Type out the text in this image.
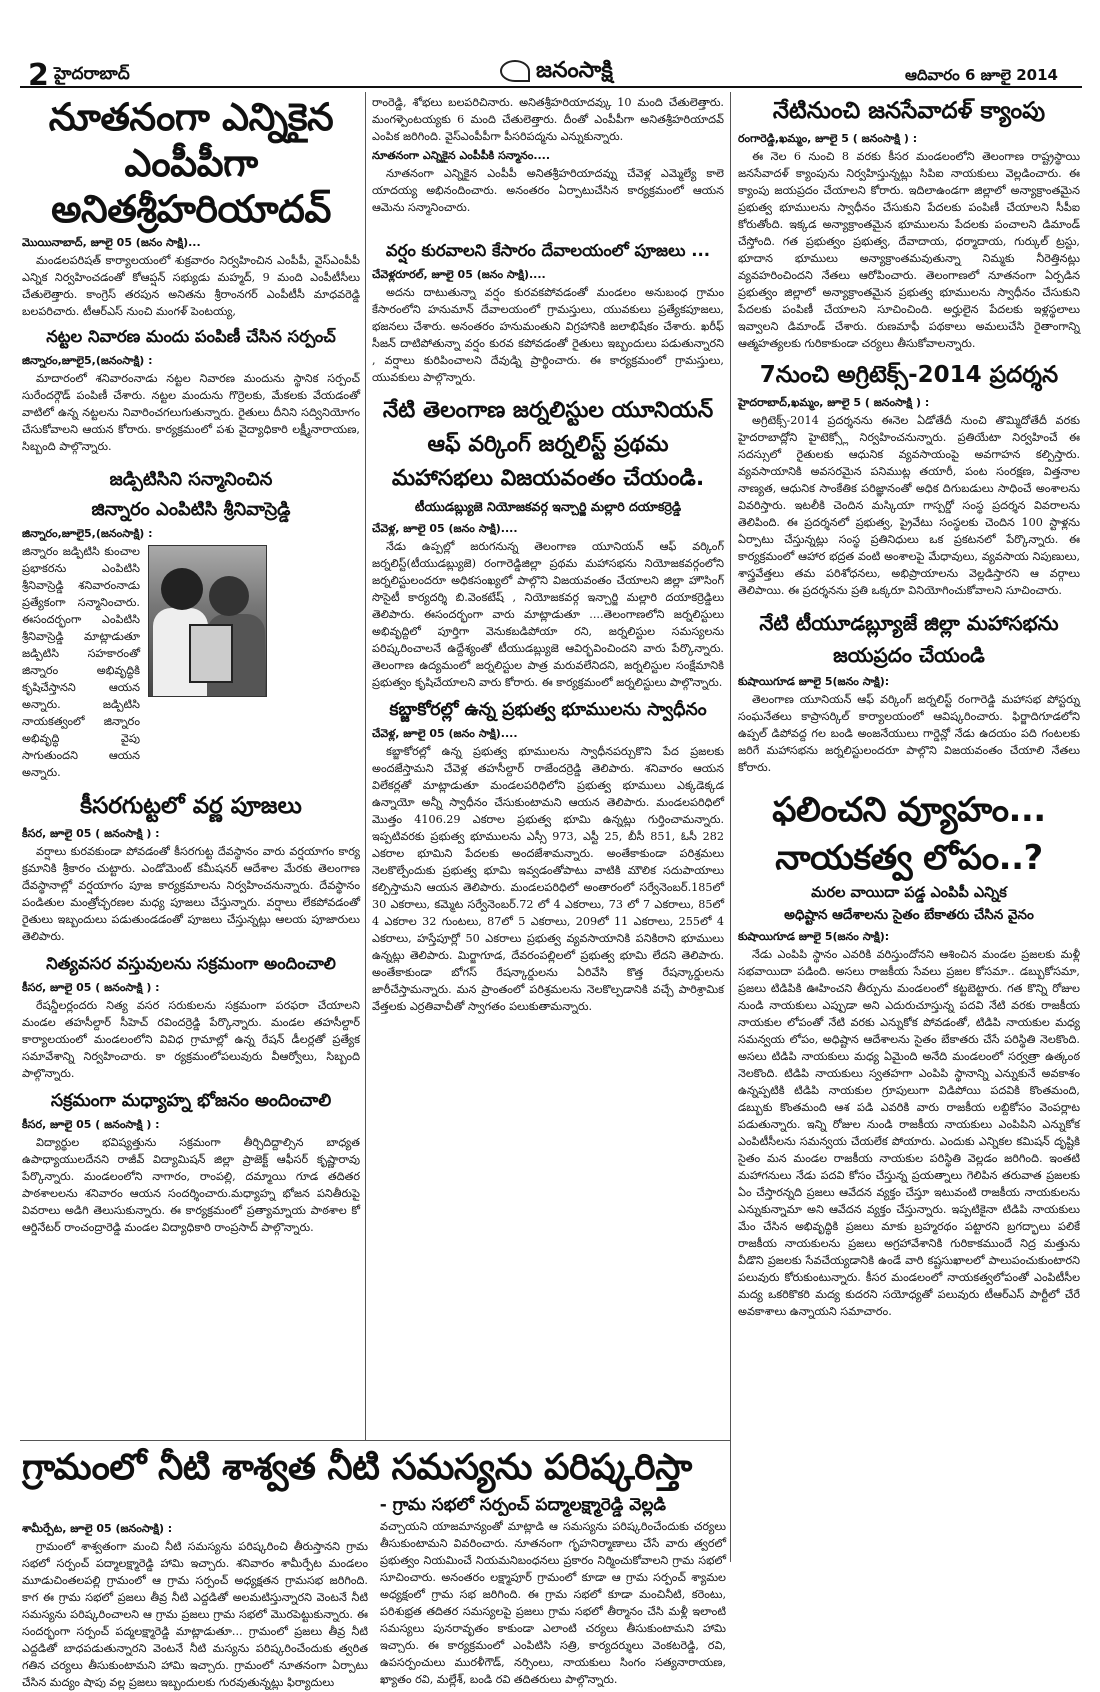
2 హైదరాబాద్	జనంసాక్షి	ఆదివారం 6 జూలై 2014
నూతనంగా ఎన్నికైన ఎంపీపీగా
అనితశ్రీహరియాదవ్
మొయినాబాద్, జూలై 05 (జనం సాక్షి)...

మండలపరిషత్ కార్యాలయంలో శుక్రవారం నిర్వహించిన ఎంపీపీ, వైస్ఎంపీపీ ఎన్నిక నిర్వహించడంతో కోఆప్షన్ సభ్యుడు మహ్మద్, 9 మంది ఎంపీటీసీలు చేతులెత్తారు. కాంగ్రెస్ తరపున అనితను శ్రీరాంనగర్ ఎంపీటీసీ మాధవరెడ్డి బలపరిచారు. టీఆర్ఎస్ నుంచి మంగళ్ పెంటయ్య,

నట్టల నివారణ మందు పంపిణీ చేసిన సర్పంచ్
జిన్నారం,జూలై5,(జనంసాక్షి) :

మాదారంలో శనివారంనాడు నట్టల నివారణ మందును స్థానిక సర్పంచ్ సురేందర్గౌడ్ పంపిణీ చేశారు. నట్టల మందును గొర్రెలకు, మేకలకు వేయడంతో వాటిలో ఉన్న నట్టలను నివారించగలుగుతున్నారు. రైతులు దీనిని సద్వినియోగం చేసుకోవాలని ఆయన కోరారు. కార్యక్రమంలో పశు వైద్యాధికారి లక్ష్మీనారాయణ, సిబ్బంది పాల్గొన్నారు.

జడ్పిటిసిని సన్మానించిన
జిన్నారం ఎంపిటిసి శ్రీనివాస్రెడ్డి
జిన్నారం,జూలై5,(జనంసాక్షి) :

జిన్నారం జడ్పిటిసి కుంచాల ప్రభాకరను ఎంపిటిసి శ్రీనివాస్రెడ్డి శనివారంనాడు ప్రత్యేకంగా సన్మానించారు. ఈసందర్భంగా ఎంపిటిసి శ్రీనివాస్రెడ్డి మాట్లాడుతూ జడ్పిటిసి సహకారంతో జిన్నారం అభివృద్ధికి కృషిచేస్తానని ఆయన అన్నారు. జడ్పిటిసి నాయకత్వంలో జిన్నారం అభివృద్ధి వైపు సాగుతుందని ఆయన అన్నారు.

కీసరగుట్టలో వర్ణ పూజలు
కీసర, జూలై 05 ( జనంసాక్షి ) :

వర్షాలు కురవకుండా పోవడంతో కీసరగుట్ట దేవస్థానం వారు వర్షయాగం కార్య క్రమానికి శ్రీకారం చుట్టారు. ఎండోమెంట్ కమీషనర్ ఆదేశాల మేరకు తెలంగాణ దేవస్థానాల్లో వర్షయాగం పూజ కార్యక్రమాలను నిర్వహించనున్నారు. దేవస్థానం పండితుల మంత్రోచ్ఛరణల మధ్య పూజలు చేస్తున్నారు. వర్షాలు లేకపోవడంతో రైతులు ఇబ్బందులు పడుతుండడంతో పూజలు చేస్తున్నట్లు ఆలయ పూజారులు తెలిపారు.

నిత్యవసర వస్తువులను సక్రమంగా అందించాలి
కీసర, జూలై 05 ( జనంసాక్షి ) :

రేషన్డీలర్లందరు నిత్య వసర సరుకులను సక్రమంగా పరఫరా చేయాలని మండల తహసీల్దార్ సీహెచ్ రవిందర్రెడ్డి పేర్కొన్నారు. మండల తహసీల్దార్ కార్యాలయంలో మండలంలోని వివిధ గ్రామాల్లో ఉన్న రేషన్ డీలర్లతో ప్రత్యేక సమావేశాన్ని నిర్వహించారు. కా ర్యక్రమంలోపలువురు వీఆర్వోలు, సిబ్బంది పాల్గొన్నారు.

సక్రమంగా మధ్యాహ్న భోజనం అందించాలి
కీసర, జూలై 05 ( జనంసాక్షి ) :

విద్యార్థుల భవిష్యత్తును సక్రమంగా తీర్చిదిద్దాల్సిన బాధ్యత ఉపాధ్యాయులదేనని రాజీవ్ విద్యామిషన్ జిల్లా ప్రాజెక్ట్ ఆఫీసర్ కృష్ణారావు పేర్కొన్నారు. మండలంలోని నాగారం, రాంపల్లి, దమ్మాయి గూడ తదితర పాఠశాలలను శనివారం ఆయన సందర్శించారు.మధ్యాహ్న భోజన పనితీరుపై వివరాలు అడిగి తెలుసుకున్నారు. ఈ కార్యక్రమంలో ప్రత్యామ్నాయ పాఠశాల కో ఆర్డినేటర్ రాంచంద్రారెడ్డి మండల విద్యాధికారి రాంప్రసాద్ పాల్గొన్నారు.

రాంరెడ్డి, శోభలు బలపరిచినారు. అనితశ్రీహరియాదవ్కు 10 మంది చేతులెత్తారు. మంగళ్పెంటయ్యకు 6 మంది చేతులెత్తారు. దీంతో ఎంపీపీగా అనితశ్రీహరియాదవ్ ఎంపిక జరిగింది. వైస్ఎంపీపీగా పీసరిపద్మను ఎన్నుకున్నారు.

నూతనంగా ఎన్నికైన ఎంపీపీకి సన్మానం....

నూతనంగా ఎన్నికైన ఎంపీపీ అనితశ్రీహరియాదవ్ను చేవెళ్ల ఎమ్మెల్యే కాలె యాదయ్య అభినందించారు. అనంతరం ఏర్పాటుచేసిన కార్యక్రమంలో ఆయన ఆమెను సన్మానించారు.

వర్షం కురవాలని కేసారం దేవాలయంలో పూజలు ...
చేవెళ్లరూరల్, జూలై 05 (జనం సాక్షి)....

అదను దాటుతున్నా వర్షం కురవకపోవడంతో మండలం అనుబంధ గ్రామం కేసారంలోని హనుమాన్ దేవాలయంలో గ్రామస్తులు, యువకులు ప్రత్యేకపూజలు, భజనలు చేశారు. అనంతరం హనుమంతుని విగ్రహానికి జలాభిషేకం చేశారు. ఖరీఫ్ సీజన్ దాటిపోతున్నా వర్షం కురవ కపోవడంతో రైతులు ఇబ్బందులు పడుతున్నారని , వర్షాలు కురిపించాలని దేవుడ్ని ప్రార్థించారు. ఈ కార్యక్రమంలో గ్రామస్తులు, యువకులు పాల్గొన్నారు.

నేటి తెలంగాణ జర్నలిస్టుల యూనియన్
ఆఫ్ వర్కింగ్ జర్నలిస్ట్ ప్రథమ
మహాసభలు విజయవంతం చేయండి.
టీయుడబ్ల్యుజె నియోజకవర్గ ఇన్చార్జి మల్లారి దయాకర్రెడ్డి
చేవెళ్ల, జూలై 05 (జనం సాక్షి)....

నేడు ఉప్పల్లో జరుగనున్న తెలంగాణ యూనియన్ ఆఫ్ వర్కింగ్ జర్నలిస్ట్(టీయుడబ్ల్యుజె) రంగారెడ్డిజిల్లా ప్రథమ మహాసభను నియోజకవర్గంలోని జర్నలిస్టులందరూ అధికసంఖ్యలో పాల్గొని విజయవంతం చేయాలని జిల్లా హౌసింగ్ సొసైటీ కార్యదర్శి బి.వెంకటేష్ , నియోజకవర్గ ఇన్చార్జి మల్లారి దయాకర్రెడ్డిలు తెలిపారు. ఈసందర్భంగా వారు మాట్లాడుతూ ....తెలంగాణలోని జర్నలిస్టులు అభివృద్దిలో పూర్తిగా వెనుకబడిపోయా రని, జర్నలిస్టుల సమస్యలను పరిష్కరించాలనే ఉద్దేశ్యంతో టీయుడబ్ల్యుజె ఆవిర్భవించిందని వారు పేర్కొన్నారు. తెలంగాణ ఉద్యమంలో జర్నలిస్టుల పాత్ర మరువలేనిదని, జర్నలిస్టుల సంక్షేమానికి ప్రభుత్వం కృషిచేయాలని వారు కోరారు. ఈ కార్యక్రమంలో జర్నలిస్టులు పాల్గొన్నారు.

కబ్జాకోరల్లో ఉన్న ప్రభుత్వ భూములను స్వాధీనం
చేవెళ్ల, జూలై 05 (జనం సాక్షి)....

కబ్జాకోరల్లో ఉన్న ప్రభుత్వ భూములను స్వాధీనపర్చుకొని పేద ప్రజలకు అందజేస్తామని చేవెళ్ల తహసీల్దార్ రాజేందర్రెడ్డి తెలిపారు. శనివారం ఆయన విలేకర్లతో మాట్లాడుతూ మండలపరిధిలోని ప్రభుత్వ భూములు ఎక్కడెక్కడ ఉన్నాయో అన్నీ స్వాధీనం చేసుకుంటామని ఆయన తెలిపారు. మండలపరిధిలో మొత్తం 4106.29 ఎకరాల ప్రభుత్వ భూమి ఉన్నట్లు గుర్తించామన్నారు. ఇప్పటివరకు ప్రభుత్వ భూములను ఎస్సీ 973, ఎస్టీ 25, బీసీ 851, ఓసీ 282 ఎకరాల భూమిని పేదలకు అందజేశామన్నారు. అంతేకాకుండా పరిశ్రమలు నెలకొల్పేందుకు ప్రభుత్వ భూమి ఇవ్వడంతోపాటు వాటికి మౌలిక సదుపాయాలు కల్పిస్తామని ఆయన తెలిపారు. మండలపరిధిలో అంతారంలో సర్వేనెంబర్.185లో 30 ఎకరాలు, కమ్మెట సర్వేనెంబర్.72 లో 4 ఎకరాలు, 73 లో 7 ఎకరాలు, 85లో 4 ఎకరాల 32 గుంటలు, 87లో 5 ఎకరాలు, 209లో 11 ఎకరాలు, 255లో 4 ఎకరాలు, హస్తేపూర్లో 50 ఎకరాలు ప్రభుత్వ వ్యవసాయానికి పనికిరాని భూములు ఉన్నట్లు తెలిపారు. మిర్జాగూడ, దేవరంపల్లిలలో ప్రభుత్వ భూమి లేదని తెలిపారు. అంతేకాకుండా బోగస్ రేషన్కార్డులను ఏరివేసి కొత్త రేషన్కార్డులను జారీచేస్తామన్నారు. మన ప్రాంతంలో పరిశ్రమలను నెలకొల్పడానికి వచ్చే పారిశ్రామిక వేత్తలకు ఎర్రతివాచీతో స్వాగతం పలుకుతామన్నారు.

నేటినుంచి జనసేవాదళ్ క్యాంపు
రంగారెడ్డి,ఖమ్మం, జూలై 5 ( జనంసాక్షి ) :

ఈ నెల 6 నుంచి 8 వరకు కీసర మండలంలోని తెలంగాణ రాష్ట్రస్థాయి జనసేవాదళ్ క్యాంపును నిర్వహిస్తున్నట్లు సిపిఐ నాయకులు వెల్లడించారు. ఈ క్యాంపు జయప్రదం చేయాలని కోరారు. ఇదిలాఉండగా జిల్లాలో అన్యాక్రాంతమైన ప్రభుత్వ భూములను స్వాధీనం చేసుకుని పేదలకు పంపిణీ చేయాలని సీపీఐ కోరుతోంది. ఇక్కడ అన్యాక్రాంతమైన భూములను పేదలకు పంచాలని డిమాండ్ చేస్తోంది. గత ప్రభుత్వం ప్రభుత్వ, దేవాదాయ, ధర్మాదాయ, గుర్కుల్ ట్రస్టు, భూదాన భూములు అన్యాక్రాంతమవుతున్నా నిమ్మకు నీరెత్తినట్లు వ్యవహరించిందని నేతలు ఆరోపించారు. తెలంగాణలో నూతనంగా ఏర్పడిన ప్రభుత్వం జిల్లాలో అన్యాక్రాంతమైన ప్రభుత్వ భూములను స్వాధీనం చేసుకుని పేదలకు పంపిణీ చేయాలని సూచించింది. అర్హులైన పేదలకు ఇళ్లస్థలాలు ఇవ్వాలని డిమాండ్ చేశారు. రుణమాఫీ పథకాలు అమలుచేసి రైతాంగాన్ని ఆత్మహత్యలకు గురికాకుండా చర్యలు తీసుకోవాలన్నారు.

7నుంచి అగ్రిటెక్స్-2014 ప్రదర్శన
హైదరాబాద్,ఖమ్మం, జూలై 5 ( జనంసాక్షి ) :

అగ్రిటెక్స్-2014 ప్రదర్శనను ఈనెల ఏడోతేదీ నుంచి తొమ్మిదోతేదీ వరకు హైదరాబాద్లోని హైటెక్స్లో నిర్వహించనున్నారు. ప్రతియేటా నిర్వహించే ఈ సదస్సులో రైతులకు ఆధునిక వ్యవసాయంపై అవగాహన కల్పిస్తారు. వ్యవసాయానికి అవసరమైన పనిముట్ల తయారీ, పంట సంరక్షణ, విత్తనాల నాణ్యత, ఆధునిక సాంకేతిక పరిజ్ఞానంతో అధిక దిగుబడులు సాధించే అంశాలను వివరిస్తారు. ఇటలీకి చెందిన మస్కియా గాస్పర్డో సంస్థ ప్రదర్శన వివరాలను తెలిపింది. ఈ ప్రదర్శనలో ప్రభుత్వ, ప్రైవేటు సంస్థలకు చెందిన 100 స్టాళ్లను ఏర్పాటు చేస్తున్నట్లు సంస్థ ప్రతినిధులు ఒక ప్రకటనలో పేర్కొన్నారు. ఈ కార్యక్రమంలో ఆహార భద్రత వంటి అంశాలపై మేధావులు, వ్యవసాయ నిపుణులు, శాస్త్రవేత్తలు తమ పరిశోధనలు, అభిప్రాయాలను వెల్లడిస్తారని ఆ వర్గాలు తెలిపాయి. ఈ ప్రదర్శనను ప్రతి ఒక్కరూ వినియోగించుకోవాలని సూచించారు.

నేటి టీయూడబ్ల్యూజే జిల్లా మహాసభను
జయప్రదం చేయండి
కుషాయిగూడ జూలై 5(జనం సాక్షి):

తెలంగాణ యూనియన్ ఆఫ్ వర్కింగ్ జర్నలిస్ట్ రంగారెడ్డి మహాసభ పోస్టర్ను సంఘనేతలు కాప్రాసర్కిల్ కార్యాలయంలో ఆవిష్కరించారు. ఫిర్జాదిగూడలోని ఉప్పల్ డిపోవద్ద గల బండి అంజనేయులు గార్డెన్లో నేడు ఉదయం పది గంటలకు జరిగే మహాసభను జర్నలిస్టులందరూ పాల్గొని విజయవంతం చేయాలి నేతలు కోరారు.

ఫలించని వ్యూహం...
నాయకత్వ లోపం..?
మరల వాయిదా పడ్డ ఎంపిపీ ఎన్నిక
అధిష్టాన ఆదేశాలను సైతం బేకాతరు చేసిన వైనం
కుషాయిగూడ జూలై 5(జనం సాక్షి):

నేడు ఎంపిపి స్థానం ఎవరికి వరిస్తుందోనని ఆశించిన మండల ప్రజలకు మళ్లీ సభవాయిదా పడింది. అసలు రాజకీయ సేవలు ప్రజల కోసమా.. డబ్బుకోసమా, ప్రజలు టిడిపికి ఊహించని తీర్పును మండలంలో కట్టబెట్టారు. గత కొన్ని రోజుల నుండి నాయకులు ఎప్పుడా అని ఎదురుచూస్తున్న పదవి నేటి వరకు రాజకీయ నాయకుల లోపంతో నేటి వరకు ఎన్నుకోక పోవడంతో, టిడిపి నాయకుల మధ్య సమన్వయ లోపం, అధిష్టాన ఆదేశాలను సైతం బేకాతరు చేసే పరిస్థితి నెలకొంది. అసలు టిడిపి నాయకులు మధ్య ఏమైంది అనేది మండలంలో సర్వత్రా ఉత్కంఠ నెలకొంది. టిడిపి నాయకులు స్వతహగా ఎంపిపి స్థానాన్ని ఎన్నుకునే అవకాశం ఉన్నప్పటికి టిడిపి నాయకుల గ్రూపులుగా విడిపోయి పదవికి కొంతమంది, డబ్బుకు కొంతమంది ఆశ పడి ఎవరికి వారు రాజకీయ లబ్దికోసం వెంపర్లాట పడుతున్నారు. ఇన్ని రోజుల నుండి రాజకీయ నాయకులు ఎంపిపిని ఎన్నుకోక ఎంపిటీసీలను సమన్వయ చేయలేక పోయారు. ఎందుకు ఎన్నికల కమిషన్ దృష్టికి సైతం మన మండల రాజకీయ నాయకుల పరిస్థితి వెల్లడం జరిగింది. ఇంతటి మహాగనులు నేడు పదవి కోసం చేస్తున్న ప్రయత్నాలు గెలిపిన తరువాత ప్రజలకు ఏం చేస్తారన్నది ప్రజలు ఆవేదన వ్యక్తం చేస్తూ ఇటువంటి రాజకీయ నాయకులను ఎన్నుకున్నామా అని ఆవేదన వ్యక్తం చేస్తున్నారు. ఇప్పటికైనా టిడిపి నాయకులు మేం చేసిన అభివృద్ధికి ప్రజలు మాకు బ్రహ్మరథం పట్టారని బ్రగద్భాలు పలికే రాజకీయ నాయకులను ప్రజలు అగ్రహావేశానికి గురికాకముందే నిద్ర మత్తును వీడొని ప్రజలకు సేవచేయ్యడానికి ఉండే వారి కష్టసుఖాలలో పాలుపంచుకుంటారని పలువురు కోరుకుంటున్నారు. కీసర మండలంలో నాయకత్వలోపంతో ఎంపిటీసీల మద్య ఒకరికొకరి మద్య కుదరని సయోధ్యతో పలువురు టీఆర్ఎస్ పార్టీలో చేరే అవకాశాలు ఉన్నాయని సమాచారం.

గ్రామంలో నీటి శాశ్వత నీటి సమస్యను పరిష్కరిస్తా
- గ్రామ సభలో సర్పంచ్ పద్మాలక్ష్మారెడ్డి వెల్లడి
శామీర్పేట, జూలై 05 (జనంసాక్షి) :

గ్రామంలో శాశ్వతంగా మంచి నీటి సమస్యను పరిష్కరించి తీరుస్తానని గ్రామ సభలో సర్పంచ్ పద్మాలక్ష్మారెడ్డి హామి ఇచ్చారు. శనివారం శామీర్పేట మండలం మూడుచింతలపల్లి గ్రామంలో ఆ గ్రామ సర్పంచ్ అధ్యక్షతన గ్రామసభ జరిగింది. కాగ ఈ గ్రామ సభలో ప్రజలు తీవ్ర నీటి ఎద్దడితో అలమటిస్తున్నారని వెంటనే నీటి సమస్యను పరిష్కరించాలని ఆ గ్రామ ప్రజలు గ్రామ సభలో మొరపెట్టుకున్నారు. ఈ సందర్భంగా సర్పంచ్ పద్మలక్ష్మారెడ్డి మాట్లాడుతూ... గ్రామంలో ప్రజలు తీవ్ర నీటి ఎద్దడితో బాధపడుతున్నారని వెంటనే నీటి మస్యను పరిష్కరించేందుకు త్వరిత గతిన చర్యలు తీసుకుంటామని హామి ఇచ్చారు. గ్రామంలో నూతనంగా ఏర్పాటు చేసిన మద్యం షాపు వల్ల ప్రజలు ఇబ్బందులకు గురవుతున్నట్లు ఫిర్యాదులు

వచ్చాయని యాజమాన్యంతో మాట్లాడి ఆ సమస్యను పరిష్కరించేందుకు చర్యలు తీసుకుంటామని వివరించారు. నూతనంగా గృహనిర్మాణాలు చేసే వారు త్వరలో ప్రభుత్వం నియమించే నియమనిబంధనలు ప్రకారం నిర్మించుకోవాలని గ్రామ సభలో సూచించారు. అనంతరం లక్ష్మాపూర్ గ్రామంలో కూడా ఆ గ్రామ సర్పంచ్ శ్యామల అధ్యక్షంలో గ్రామ సభ జరిగింది. ఈ గ్రామ సభలో కూడా మంచినీటి, కరెంటు, పరిశుభ్రత తదితర సమస్యలపై ప్రజలు గ్రామ సభలో తీర్మానం చేసి మళ్లీ ఇలాంటి సమస్యలు పునరావృతం కాకుండా ఎలాంటి చర్యలు తీసుకుంటామని హామి ఇచ్చారు. ఈ కార్యక్రమంలో ఎంపిటిసి సత్రి, కార్యదర్శులు వెంకటరెడ్డి, రవి, ఉపసర్పంచులు మురళీగౌడ్, నర్సింలు, నాయకులు సింగం సత్యనారాయణ, ఖ్యాతం రవి, మల్లేశ్, బండి రవి తదితరులు పాల్గొన్నారు.
